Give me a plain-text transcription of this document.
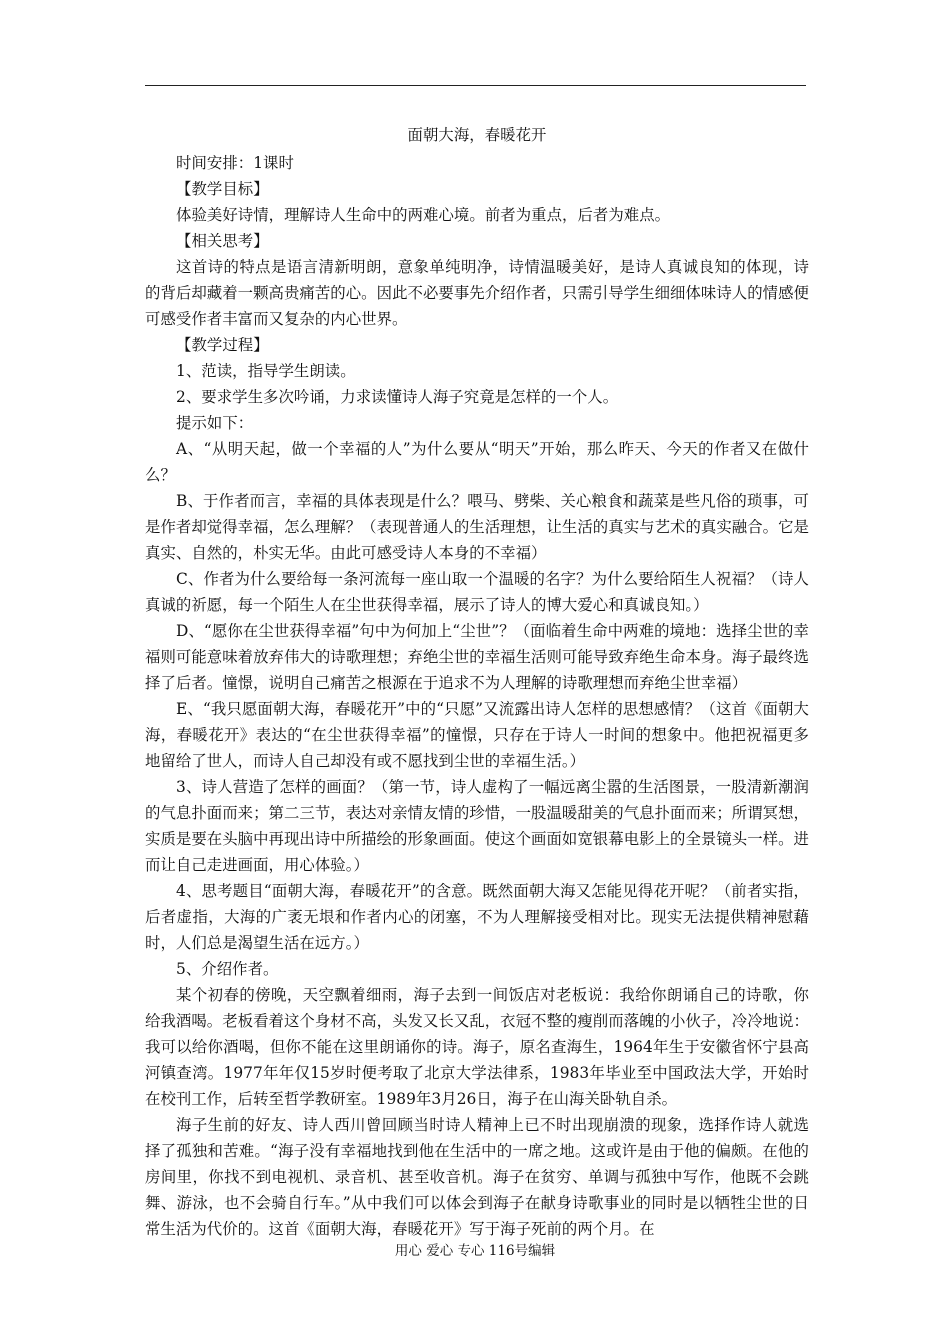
面朝大海，春暖花开

时间安排：1课时

【教学目标】

体验美好诗情，理解诗人生命中的两难心境。前者为重点，后者为难点。

【相关思考】

这首诗的特点是语言清新明朗，意象单纯明净，诗情温暖美好，是诗人真诚良知的体现，诗的背后却藏着一颗高贵痛苦的心。因此不必要事先介绍作者，只需引导学生细细体味诗人的情感便可感受作者丰富而又复杂的内心世界。

【教学过程】

1、范读，指导学生朗读。

2、要求学生多次吟诵，力求读懂诗人海子究竟是怎样的一个人。

提示如下：

A、“从明天起，做一个幸福的人”为什么要从“明天”开始，那么昨天、今天的作者又在做什么？

B、于作者而言，幸福的具体表现是什么？喂马、劈柴、关心粮食和蔬菜是些凡俗的琐事，可是作者却觉得幸福，怎么理解？（表现普通人的生活理想，让生活的真实与艺术的真实融合。它是真实、自然的，朴实无华。由此可感受诗人本身的不幸福）

C、作者为什么要给每一条河流每一座山取一个温暖的名字？为什么要给陌生人祝福？（诗人真诚的祈愿，每一个陌生人在尘世获得幸福，展示了诗人的博大爱心和真诚良知。）

D、“愿你在尘世获得幸福”句中为何加上“尘世”？（面临着生命中两难的境地：选择尘世的幸福则可能意味着放弃伟大的诗歌理想；弃绝尘世的幸福生活则可能导致弃绝生命本身。海子最终选择了后者。憧憬，说明自己痛苦之根源在于追求不为人理解的诗歌理想而弃绝尘世幸福）

E、“我只愿面朝大海，春暖花开”中的“只愿”又流露出诗人怎样的思想感情？（这首《面朝大海，春暖花开》表达的“在尘世获得幸福”的憧憬，只存在于诗人一时间的想象中。他把祝福更多地留给了世人，而诗人自己却没有或不愿找到尘世的幸福生活。）

3、诗人营造了怎样的画面？（第一节，诗人虚构了一幅远离尘嚣的生活图景，一股清新潮润的气息扑面而来；第二三节，表达对亲情友情的珍惜，一股温暖甜美的气息扑面而来；所谓冥想，实质是要在头脑中再现出诗中所描绘的形象画面。使这个画面如宽银幕电影上的全景镜头一样。进而让自己走进画面，用心体验。）

4、思考题目“面朝大海，春暖花开”的含意。既然面朝大海又怎能见得花开呢？（前者实指，后者虚指，大海的广袤无垠和作者内心的闭塞，不为人理解接受相对比。现实无法提供精神慰藉时，人们总是渴望生活在远方。）

5、介绍作者。

某个初春的傍晚，天空飘着细雨，海子去到一间饭店对老板说：我给你朗诵自己的诗歌，你给我酒喝。老板看着这个身材不高，头发又长又乱，衣冠不整的瘦削而落魄的小伙子，冷冷地说：我可以给你酒喝，但你不能在这里朗诵你的诗。海子，原名查海生，1964年生于安徽省怀宁县高河镇查湾。1977年年仅15岁时便考取了北京大学法律系，1983年毕业至中国政法大学，开始时在校刊工作，后转至哲学教研室。1989年3月26日，海子在山海关卧轨自杀。

海子生前的好友、诗人西川曾回顾当时诗人精神上已不时出现崩溃的现象，选择作诗人就选择了孤独和苦难。“海子没有幸福地找到他在生活中的一席之地。这或许是由于他的偏颇。在他的房间里，你找不到电视机、录音机、甚至收音机。海子在贫穷、单调与孤独中写作，他既不会跳舞、游泳，也不会骑自行车。”从中我们可以体会到海子在献身诗歌事业的同时是以牺牲尘世的日常生活为代价的。这首《面朝大海，春暖花开》写于海子死前的两个月。在

用心 爱心 专心 116号编辑
